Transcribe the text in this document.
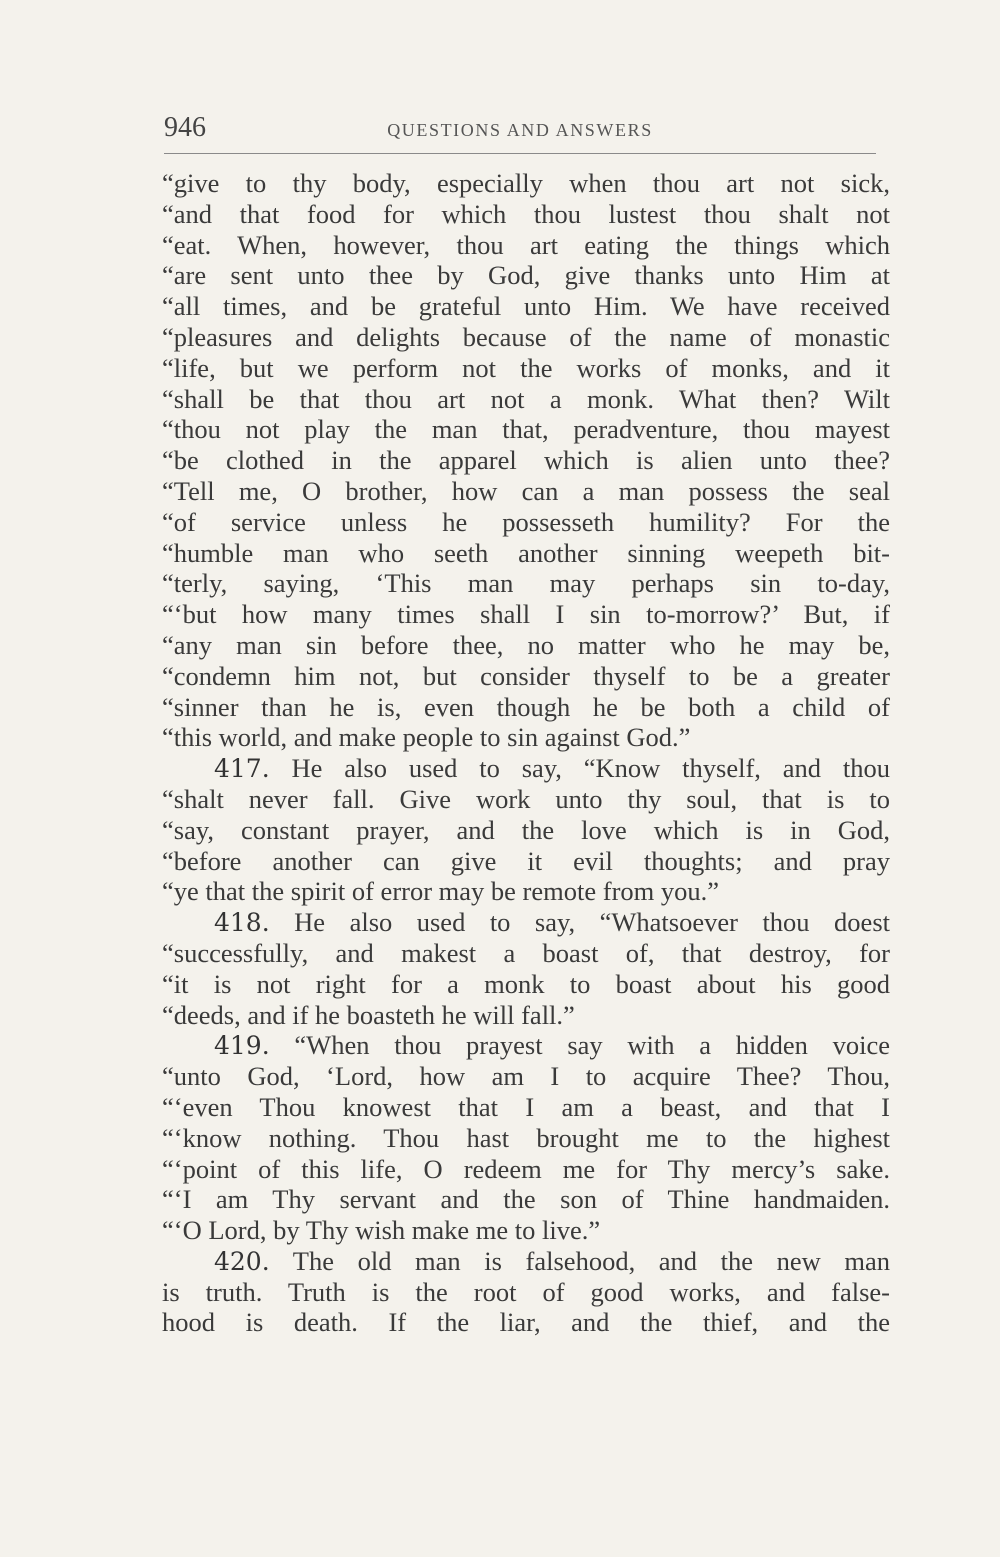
946	QUESTIONS AND ANSWERS
“give to thy body, especially when thou art not sick,
“and that food for which thou lustest thou shalt not
“eat. When, however, thou art eating the things which
“are sent unto thee by God, give thanks unto Him at
“all times, and be grateful unto Him. We have received
“pleasures and delights because of the name of monastic
“life, but we perform not the works of monks, and it
“shall be that thou art not a monk. What then? Wilt
“thou not play the man that, peradventure, thou mayest
“be clothed in the apparel which is alien unto thee?
“Tell me, O brother, how can a man possess the seal
“of service unless he possesseth humility? For the
“humble man who seeth another sinning weepeth bit-
“terly, saying, ‘This man may perhaps sin to-day,
“‘but how many times shall I sin to-morrow?’ But, if
“any man sin before thee, no matter who he may be,
“condemn him not, but consider thyself to be a greater
“sinner than he is, even though he be both a child of
“this world, and make people to sin against God.”
417. He also used to say, “Know thyself, and thou
“shalt never fall. Give work unto thy soul, that is to
“say, constant prayer, and the love which is in God,
“before another can give it evil thoughts; and pray
“ye that the spirit of error may be remote from you.”
418. He also used to say, “Whatsoever thou doest
“successfully, and makest a boast of, that destroy, for
“it is not right for a monk to boast about his good
“deeds, and if he boasteth he will fall.”
419. “When thou prayest say with a hidden voice
“unto God, ‘Lord, how am I to acquire Thee? Thou,
“‘even Thou knowest that I am a beast, and that I
“‘know nothing. Thou hast brought me to the highest
“‘point of this life, O redeem me for Thy mercy’s sake.
“‘I am Thy servant and the son of Thine handmaiden.
“‘O Lord, by Thy wish make me to live.”
420. The old man is falsehood, and the new man
is truth. Truth is the root of good works, and false-
hood is death. If the liar, and the thief, and the
